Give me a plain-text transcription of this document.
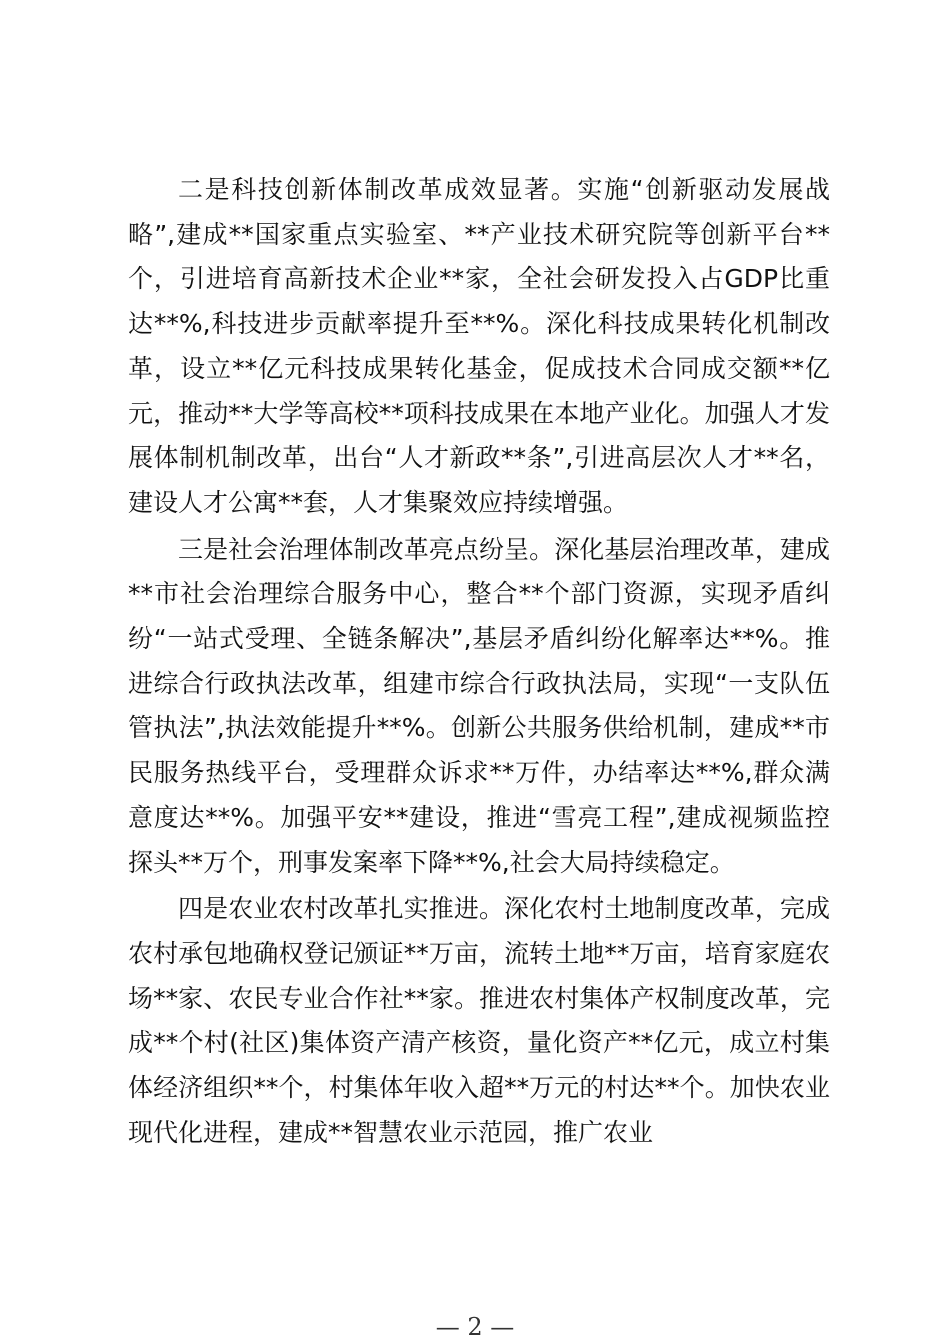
二是科技创新体制改革成效显著。实施“创新驱动发展战略”,建成**国家重点实验室、**产业技术研究院等创新平台**个，引进培育高新技术企业**家，全社会研发投入占GDP比重达**%,科技进步贡献率提升至**%。深化科技成果转化机制改革，设立**亿元科技成果转化基金，促成技术合同成交额**亿元，推动**大学等高校**项科技成果在本地产业化。加强人才发展体制机制改革，出台“人才新政**条”,引进高层次人才**名，建设人才公寓**套，人才集聚效应持续增强。

三是社会治理体制改革亮点纷呈。深化基层治理改革，建成**市社会治理综合服务中心，整合**个部门资源，实现矛盾纠纷“一站式受理、全链条解决”,基层矛盾纠纷化解率达**%。推进综合行政执法改革，组建市综合行政执法局，实现“一支队伍管执法”,执法效能提升**%。创新公共服务供给机制，建成**市民服务热线平台，受理群众诉求**万件，办结率达**%,群众满意度达**%。加强平安**建设，推进“雪亮工程”,建成视频监控探头**万个，刑事发案率下降**%,社会大局持续稳定。

四是农业农村改革扎实推进。深化农村土地制度改革，完成农村承包地确权登记颁证**万亩，流转土地**万亩，培育家庭农场**家、农民专业合作社**家。推进农村集体产权制度改革，完成**个村(社区)集体资产清产核资，量化资产**亿元，成立村集体经济组织**个，村集体年收入超**万元的村达**个。加快农业现代化进程，建成**智慧农业示范园，推广农业

— 2 —
